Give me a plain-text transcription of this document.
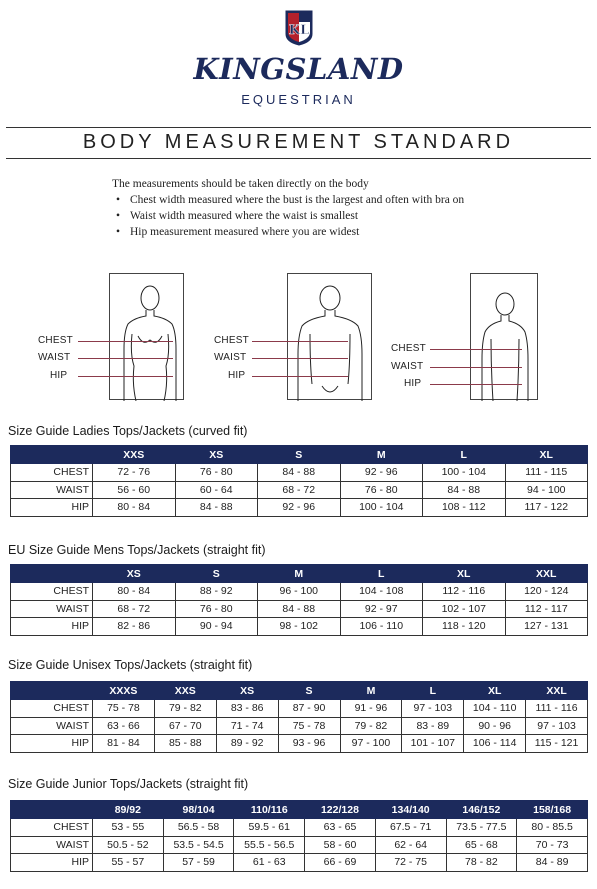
KL
KINGSLAND
EQUESTRIAN
BODY MEASUREMENT STANDARD
The measurements should be taken directly on the body
• Chest width measured where the bust is the largest and often with bra on
• Waist width measured where the waist is smallest
• Hip measurement measured where you are widest
CHEST
WAIST
HIP
CHEST
WAIST
HIP
CHEST
WAIST
HIP
Size Guide Ladies Tops/Jackets (curved fit)
	XXS	XS	S	M	L	XL
CHEST	72 - 76	76 - 80	84 - 88	92 - 96	100 - 104	111 - 115
WAIST	56 - 60	60 - 64	68 - 72	76 - 80	84 - 88	94 - 100
HIP	80 - 84	84 - 88	92 - 96	100 - 104	108 - 112	117 - 122
EU Size Guide Mens Tops/Jackets (straight fit)
	XS	S	M	L	XL	XXL
CHEST	80 - 84	88 - 92	96 - 100	104 - 108	112 - 116	120 - 124
WAIST	68 - 72	76 - 80	84 - 88	92 - 97	102 - 107	112 - 117
HIP	82 - 86	90 - 94	98 - 102	106 - 110	118 - 120	127 - 131
Size Guide Unisex Tops/Jackets (straight fit)
	XXXS	XXS	XS	S	M	L	XL	XXL
CHEST	75 - 78	79 - 82	83 - 86	87 - 90	91 - 96	97 - 103	104 - 110	111 - 116
WAIST	63 - 66	67 - 70	71 - 74	75 - 78	79 - 82	83 - 89	90 - 96	97 - 103
HIP	81 - 84	85 - 88	89 - 92	93 - 96	97 - 100	101 - 107	106 - 114	115 - 121
Size Guide Junior Tops/Jackets (straight fit)
	89/92	98/104	110/116	122/128	134/140	146/152	158/168
CHEST	53 - 55	56.5 - 58	59.5 - 61	63 - 65	67.5 - 71	73.5 - 77.5	80 - 85.5
WAIST	50.5 - 52	53.5 - 54.5	55.5 - 56.5	58 - 60	62 - 64	65 - 68	70 - 73
HIP	55 - 57	57 - 59	61 - 63	66 - 69	72 - 75	78 - 82	84 - 89
